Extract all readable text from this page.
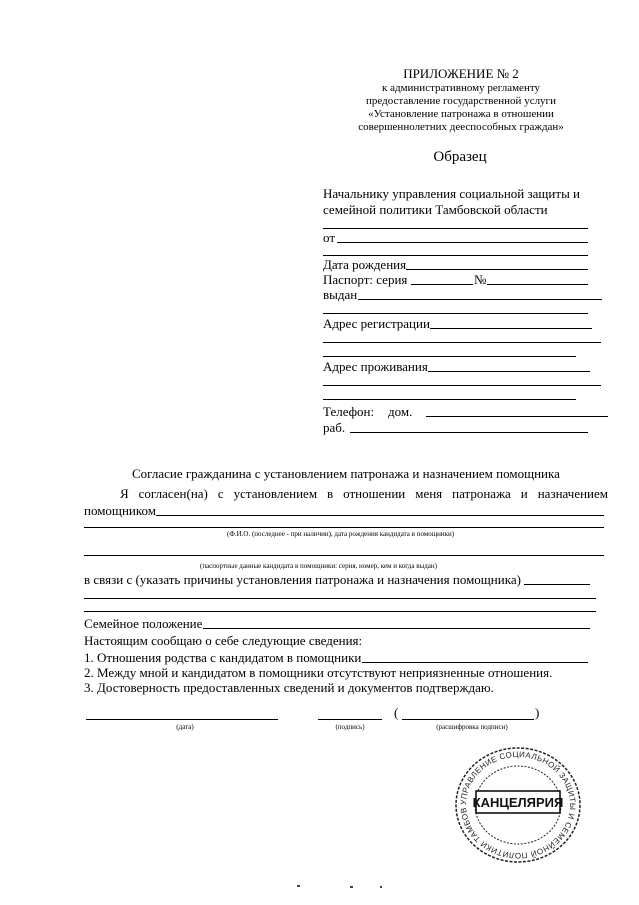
ПРИЛОЖЕНИЕ № 2
к административному регламенту
предоставление государственной услуги
«Установление патронажа в отношении
совершеннолетних дееспособных граждан»
Образец
Начальнику управления социальной защиты и
семейной политики Тамбовской области
от
Дата рождения
Паспорт: серия	№
выдан
Адрес регистрации
Адрес проживания
Телефон: дом.
раб.
Согласие гражданина с установлением патронажа и назначением помощника
Я согласен(на) с установлением в отношении меня патронажа и назначением
помощником
(Ф.И.О. (последнее - при наличии), дата рождения кандидата в помощники)
(паспортные данные кандидата в помощники: серия, номер, кем и когда выдан)
в связи с (указать причины установления патронажа и назначения помощника)
Семейное положение
Настоящим сообщаю о себе следующие сведения:
1. Отношения родства с кандидатом в помощники
2. Между мной и кандидатом в помощники отсутствуют неприязненные отношения.
3. Достоверность предоставленных сведений и документов подтверждаю.
(дата)	(подпись)
(	)
(расшифровка подписи)
УПРАВЛЕНИЕ СОЦИАЛЬНОЙ ЗАЩИТЫ И СЕМЕЙНОЙ ПОЛИТИКИ ТАМБОВ
КАНЦЕЛЯРИЯ
